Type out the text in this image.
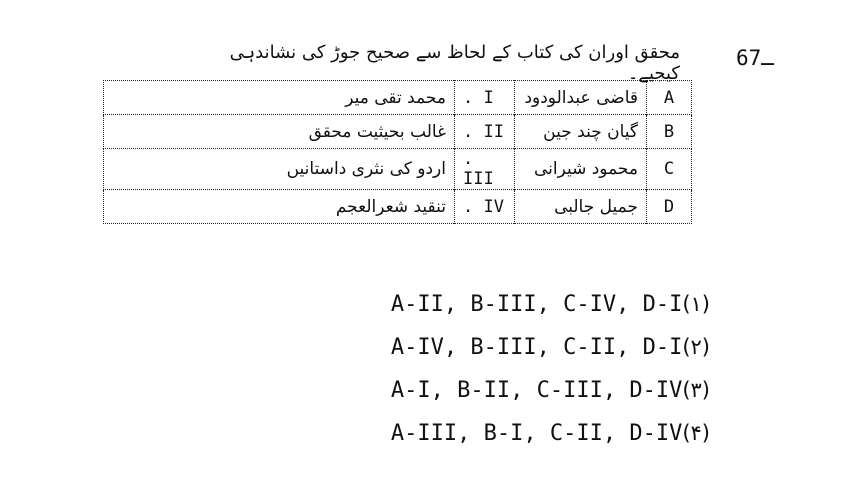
ـ67
محقق اوران کی کتاب کے لحاظ سے صحیح جوڑ کی نشاندہی کیجیے۔
A	قاضی عبدالودود	. I	محمد تقی میر
B	گیان چند جین	. II	غالب بحیثیت محقق
C	محمود شیرانی	. III	اردو کی نثری داستانیں
D	جمیل جالبی	. IV	تنقید شعرالعجم
A-II, B-III, C-IV, D-I(۱)
A-IV, B-III, C-II, D-I(۲)
A-I, B-II, C-III, D-IV(۳)
A-III, B-I, C-II, D-IV(۴)
